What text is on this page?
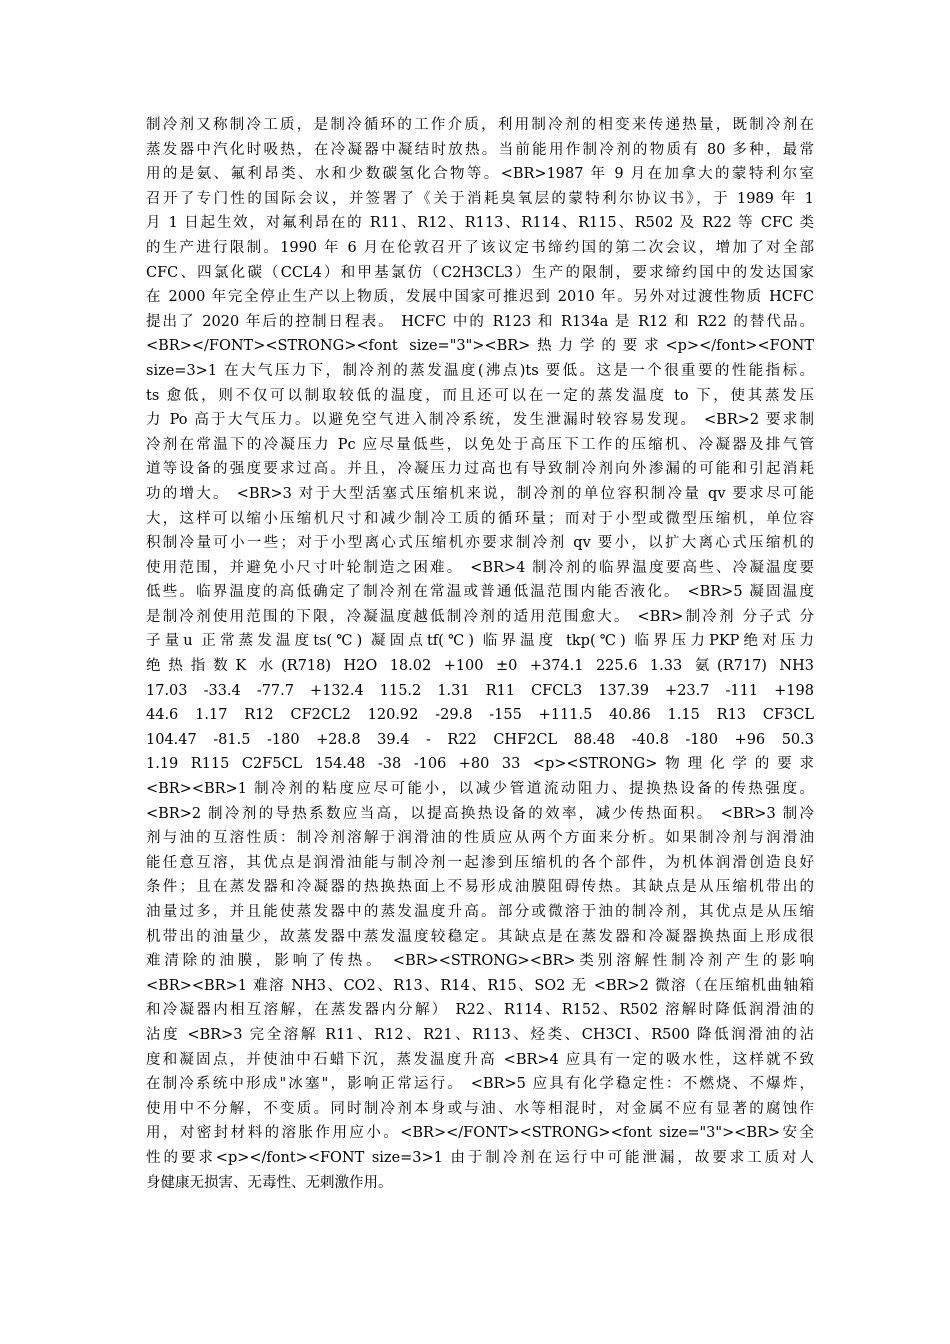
制冷剂又称制冷工质，是制冷循环的工作介质，利用制冷剂的相变来传递热量，既制冷剂在
蒸发器中汽化时吸热，在冷凝器中凝结时放热。当前能用作制冷剂的物质有 80 多种，最常
用的是氨、氟利昂类、水和少数碳氢化合物等。<BR>1987 年 9 月在加拿大的蒙特利尔室
召开了专门性的国际会议，并签署了《关于消耗臭氧层的蒙特利尔协议书》，于 1989 年 1
月 1 日起生效，对氟利昂在的 R11、R12、R113、R114、R115、R502 及 R22 等 CFC 类
的生产进行限制。1990 年 6 月在伦敦召开了该议定书缔约国的第二次会议，增加了对全部
CFC、四氯化碳（CCL4）和甲基氯仿（C2H3CL3）生产的限制，要求缔约国中的发达国家
在 2000 年完全停止生产以上物质，发展中国家可推迟到 2010 年。另外对过渡性物质 HCFC
提出了 2020 年后的控制日程表。 HCFC 中的 R123 和 R134a 是 R12 和 R22 的替代品。
<BR></FONT><STRONG><font size="3"><BR>热力学的要求<p></font><FONT
size=3>1 在大气压力下，制冷剂的蒸发温度(沸点)ts 要低。这是一个很重要的性能指标。
ts 愈低，则不仅可以制取较低的温度，而且还可以在一定的蒸发温度 to 下，使其蒸发压
力 Po 高于大气压力。以避免空气进入制冷系统，发生泄漏时较容易发现。 <BR>2 要求制
冷剂在常温下的冷凝压力 Pc 应尽量低些，以免处于高压下工作的压缩机、冷凝器及排气管
道等设备的强度要求过高。并且，冷凝压力过高也有导致制冷剂向外渗漏的可能和引起消耗
功的增大。 <BR>3 对于大型活塞式压缩机来说，制冷剂的单位容积制冷量 qv 要求尽可能
大，这样可以缩小压缩机尺寸和减少制冷工质的循环量；而对于小型或微型压缩机，单位容
积制冷量可小一些；对于小型离心式压缩机亦要求制冷剂 qv 要小，以扩大离心式压缩机的
使用范围，并避免小尺寸叶轮制造之困难。 <BR>4 制冷剂的临界温度要高些、冷凝温度要
低些。临界温度的高低确定了制冷剂在常温或普通低温范围内能否液化。 <BR>5 凝固温度
是制冷剂使用范围的下限，冷凝温度越低制冷剂的适用范围愈大。 <BR>制冷剂 分子式 分
子量u 正常蒸发温度ts(℃) 凝固点tf(℃) 临界温度 tkp(℃) 临界压力PKP绝对压力
绝热指数K 水(R718) H2O 18.02 +100 ±0 +374.1 225.6 1.33 氨(R717) NH3
17.03 -33.4 -77.7 +132.4 115.2 1.31 R11 CFCL3 137.39 +23.7 -111 +198
44.6 1.17 R12 CF2CL2 120.92 -29.8 -155 +111.5 40.86 1.15 R13 CF3CL
104.47 -81.5 -180 +28.8 39.4 - R22 CHF2CL 88.48 -40.8 -180 +96 50.3
1.19 R115 C2F5CL 154.48 -38 -106 +80 33 <p><STRONG>物理化学的要求
<BR><BR>1 制冷剂的粘度应尽可能小，以减少管道流动阻力、提换热设备的传热强度。
<BR>2 制冷剂的导热系数应当高，以提高换热设备的效率，减少传热面积。 <BR>3 制冷
剂与油的互溶性质：制冷剂溶解于润滑油的性质应从两个方面来分析。如果制冷剂与润滑油
能任意互溶，其优点是润滑油能与制冷剂一起渗到压缩机的各个部件，为机体润滑创造良好
条件；且在蒸发器和冷凝器的热换热面上不易形成油膜阻碍传热。其缺点是从压缩机带出的
油量过多，并且能使蒸发器中的蒸发温度升高。部分或微溶于油的制冷剂，其优点是从压缩
机带出的油量少，故蒸发器中蒸发温度较稳定。其缺点是在蒸发器和冷凝器换热面上形成很
难清除的油膜，影响了传热。 <BR><STRONG><BR>类别溶解性制冷剂产生的影响
<BR><BR>1 难溶 NH3、CO2、R13、R14、R15、SO2 无 <BR>2 微溶（在压缩机曲轴箱
和冷凝器内相互溶解，在蒸发器内分解） R22、R114、R152、R502 溶解时降低润滑油的
沾度 <BR>3 完全溶解 R11、R12、R21、R113、烃类、CH3CI、R500 降低润滑油的沾
度和凝固点，并使油中石蜡下沉，蒸发温度升高 <BR>4 应具有一定的吸水性，这样就不致
在制冷系统中形成"冰塞"，影响正常运行。 <BR>5 应具有化学稳定性：不燃烧、不爆炸，
使用中不分解，不变质。同时制冷剂本身或与油、水等相混时，对金属不应有显著的腐蚀作
用，对密封材料的溶胀作用应小。<BR></FONT><STRONG><font size="3"><BR>安全
性的要求<p></font><FONT size=3>1 由于制冷剂在运行中可能泄漏，故要求工质对人
身健康无损害、无毒性、无刺激作用。
